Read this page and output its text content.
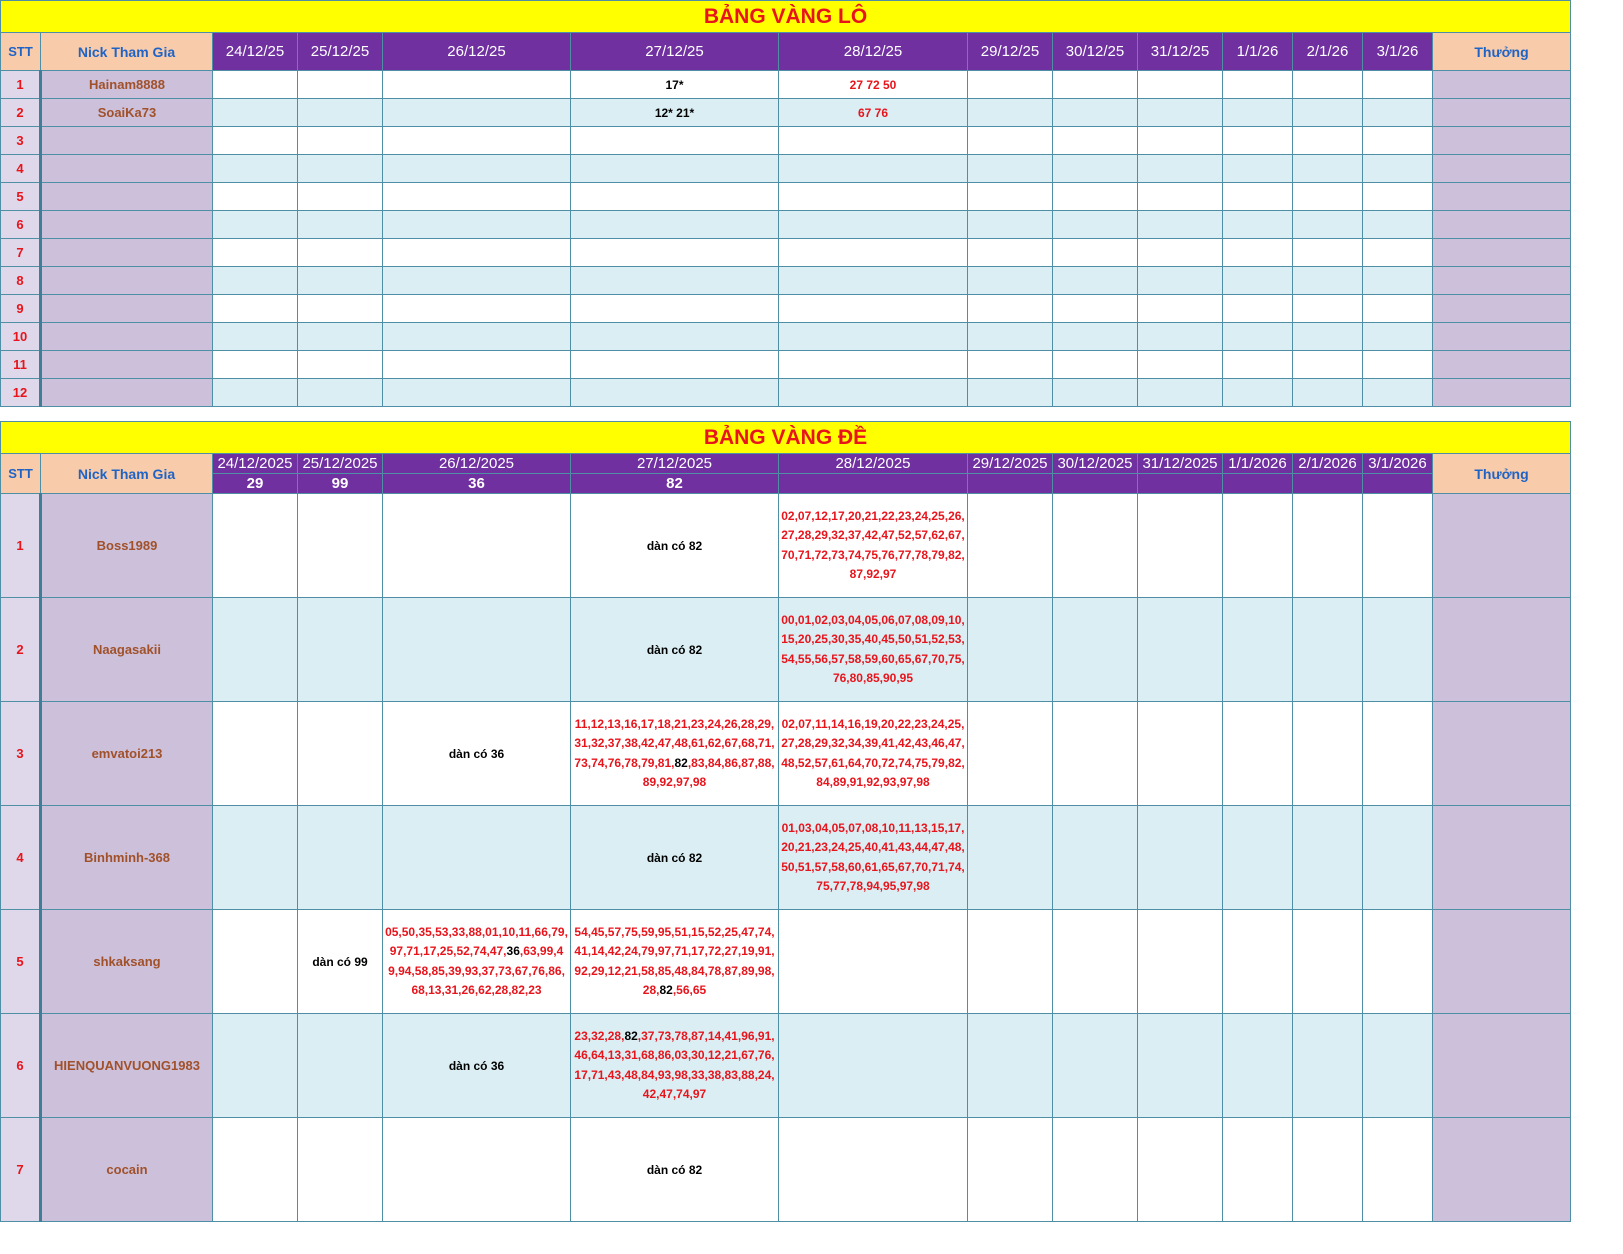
BẢNG VÀNG LÔ													
STT	Nick Tham Gia	24/12/25	25/12/25	26/12/25	27/12/25	28/12/25	29/12/25	30/12/25	31/12/25	1/1/26	2/1/26	3/1/26	Thưởng
1	Hainam8888				17*	27 72 50							
2	SoaiKa73				12* 21*	67 76							
3													
4													
5													
6													
7													
8													
9													
10													
11													
12													
BẢNG VÀNG ĐỀ													
STT	Nick Tham Gia	24/12/2025	25/12/2025	26/12/2025	27/12/2025	28/12/2025	29/12/2025	30/12/2025	31/12/2025	1/1/2026	2/1/2026	3/1/2026	Thưởng
		29	99	36	82								
1	Boss1989				dàn có 82	02,07,12,17,20,21,22,23,24,25,26,27,28,29,32,37,42,47,52,57,62,67,70,71,72,73,74,75,76,77,78,79,82,87,92,97							
2	Naagasakii				dàn có 82	00,01,02,03,04,05,06,07,08,09,10,15,20,25,30,35,40,45,50,51,52,53,54,55,56,57,58,59,60,65,67,70,75,76,80,85,90,95							
3	emvatoi213			dàn có 36	11,12,13,16,17,18,21,23,24,26,28,29,31,32,37,38,42,47,48,61,62,67,68,71,73,74,76,78,79,81,82,83,84,86,87,88,89,92,97,98	02,07,11,14,16,19,20,22,23,24,25,27,28,29,32,34,39,41,42,43,46,47,48,52,57,61,64,70,72,74,75,79,82,84,89,91,92,93,97,98							
4	Binhminh-368				dàn có 82	01,03,04,05,07,08,10,11,13,15,17,20,21,23,24,25,40,41,43,44,47,48,50,51,57,58,60,61,65,67,70,71,74,75,77,78,94,95,97,98							
5	shkaksang		dàn có 99	05,50,35,53,33,88,01,10,11,66,79,97,71,17,25,52,74,47,36,63,99,49,94,58,85,39,93,37,73,67,76,86,68,13,31,26,62,28,82,23	54,45,57,75,59,95,51,15,52,25,47,74,41,14,42,24,79,97,71,17,72,27,19,91,92,29,12,21,58,85,48,84,78,87,89,98,28,82,56,65								
6	HIENQUANVUONG1983			dàn có 36	23,32,28,82,37,73,78,87,14,41,96,91,46,64,13,31,68,86,03,30,12,21,67,76,17,71,43,48,84,93,98,33,38,83,88,24,42,47,74,97								
7	cocain				dàn có 82								
